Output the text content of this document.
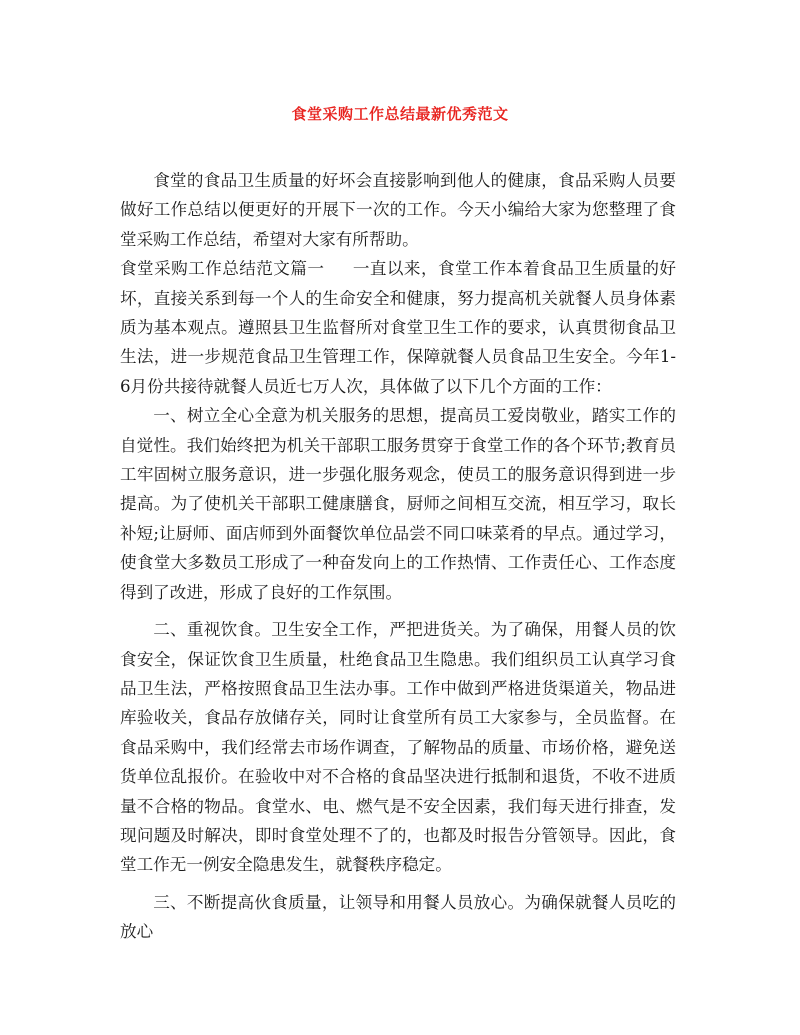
食堂采购工作总结最新优秀范文

食堂的食品卫生质量的好坏会直接影响到他人的健康，食品采购人员要做好工作总结以便更好的开展下一次的工作。今天小编给大家为您整理了食堂采购工作总结，希望对大家有所帮助。

食堂采购工作总结范文篇一 一直以来，食堂工作本着食品卫生质量的好坏，直接关系到每一个人的生命安全和健康，努力提高机关就餐人员身体素质为基本观点。遵照县卫生监督所对食堂卫生工作的要求，认真贯彻食品卫生法，进一步规范食品卫生管理工作，保障就餐人员食品卫生安全。今年1-6月份共接待就餐人员近七万人次，具体做了以下几个方面的工作：

一、树立全心全意为机关服务的思想，提高员工爱岗敬业，踏实工作的自觉性。我们始终把为机关干部职工服务贯穿于食堂工作的各个环节;教育员工牢固树立服务意识，进一步强化服务观念，使员工的服务意识得到进一步提高。为了使机关干部职工健康膳食，厨师之间相互交流，相互学习，取长补短;让厨师、面店师到外面餐饮单位品尝不同口味菜肴的早点。通过学习，使食堂大多数员工形成了一种奋发向上的工作热情、工作责任心、工作态度得到了改进，形成了良好的工作氛围。

二、重视饮食。卫生安全工作，严把进货关。为了确保，用餐人员的饮食安全，保证饮食卫生质量，杜绝食品卫生隐患。我们组织员工认真学习食品卫生法，严格按照食品卫生法办事。工作中做到严格进货渠道关，物品进库验收关，食品存放储存关，同时让食堂所有员工大家参与，全员监督。在食品采购中，我们经常去市场作调查，了解物品的质量、市场价格，避免送货单位乱报价。在验收中对不合格的食品坚决进行抵制和退货，不收不进质量不合格的物品。食堂水、电、燃气是不安全因素，我们每天进行排查，发现问题及时解决，即时食堂处理不了的，也都及时报告分管领导。因此，食堂工作无一例安全隐患发生，就餐秩序稳定。

三、不断提高伙食质量，让领导和用餐人员放心。为确保就餐人员吃的放心
